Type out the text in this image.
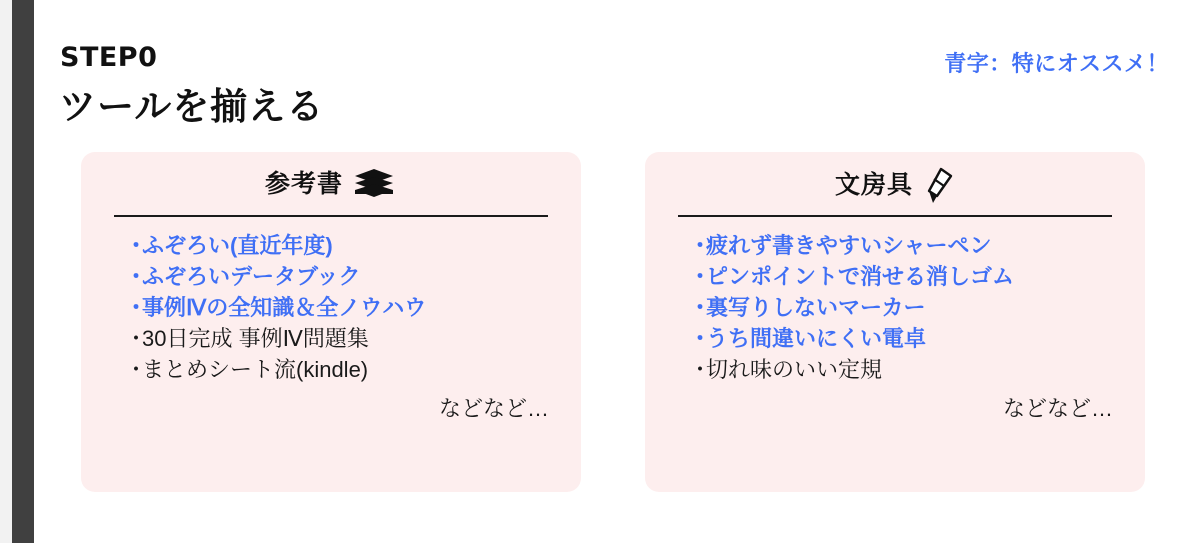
STEP0
ツールを揃える
青字：特にオススメ！
参考書
・ふぞろい(直近年度)
・ふぞろいデータブック
・事例Ⅳの全知識＆全ノウハウ
・30日完成 事例Ⅳ問題集
・まとめシート流(kindle)
などなど…
文房具
・疲れず書きやすいシャーペン
・ピンポイントで消せる消しゴム
・裏写りしないマーカー
・うち間違いにくい電卓
・切れ味のいい定規
などなど…
